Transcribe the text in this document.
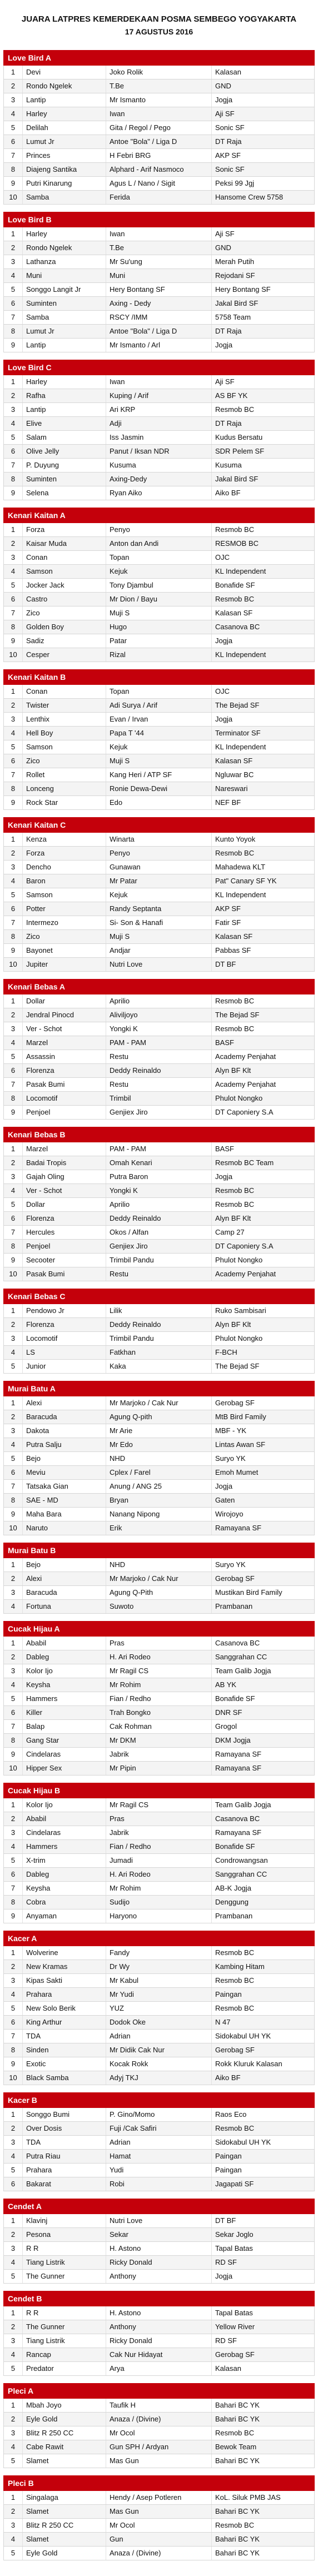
JUARA LATPRES KEMERDEKAAN POSMA SEMBEGO YOGYAKARTA
17 AGUSTUS 2016
Love Bird A
1	Devi	Joko Rolik	Kalasan
2	Rondo Ngelek	T.Be	GND
3	Lantip	Mr Ismanto	Jogja
4	Harley	Iwan	Aji SF
5	Delilah	Gita / Regol / Pego	Sonic SF
6	Lumut Jr	Antoe "Bola" / Liga D	DT Raja
7	Princes	H Febri BRG	AKP SF
8	Diajeng Santika	Alphard - Arif Nasmoco	Sonic SF
9	Putri Kinarung	Agus L / Nano / Sigit	Peksi 99 Jgj
10	Samba	Ferida	Hansome Crew 5758
Love Bird B
1	Harley	Iwan	Aji SF
2	Rondo Ngelek	T.Be	GND
3	Lathanza	Mr Su'ung	Merah Putih
4	Muni	Muni	Rejodani SF
5	Songgo Langit Jr	Hery Bontang SF	Hery Bontang SF
6	Suminten	Axing - Dedy	Jakal Bird SF
7	Samba	RSCY /IMM	5758 Team
8	Lumut Jr	Antoe "Bola" / Liga D	DT Raja
9	Lantip	Mr Ismanto / Arl	Jogja
Love Bird C
1	Harley	Iwan	Aji SF
2	Rafha	Kuping / Arif	AS BF YK
3	Lantip	Ari KRP	Resmob BC
4	Elive	Adji	DT Raja
5	Salam	Iss Jasmin	Kudus Bersatu
6	Olive Jelly	Panut / Iksan NDR	SDR Pelem SF
7	P. Duyung	Kusuma	Kusuma
8	Suminten	Axing-Dedy	Jakal Bird SF
9	Selena	Ryan Aiko	Aiko BF
Kenari Kaitan A
1	Forza	Penyo	Resmob BC
2	Kaisar Muda	Anton dan Andi	RESMOB BC
3	Conan	Topan	OJC
4	Samson	Kejuk	KL Independent
5	Jocker Jack	Tony Djambul	Bonafide SF
6	Castro	Mr Dion / Bayu	Resmob BC
7	Zico	Muji S	Kalasan SF
8	Golden Boy	Hugo	Casanova BC
9	Sadiz	Patar	Jogja
10	Cesper	Rizal	KL Independent
Kenari Kaitan B
1	Conan	Topan	OJC
2	Twister	Adi Surya / Arif	The Bejad SF
3	Lenthix	Evan / Irvan	Jogja
4	Hell Boy	Papa T '44	Terminator SF
5	Samson	Kejuk	KL Independent
6	Zico	Muji S	Kalasan SF
7	Rollet	Kang Heri / ATP SF	Ngluwar BC
8	Lonceng	Ronie Dewa-Dewi	Nareswari
9	Rock Star	Edo	NEF BF
Kenari Kaitan C
1	Kenza	Winarta	Kunto Yoyok
2	Forza	Penyo	Resmob BC
3	Dencho	Gunawan	Mahadewa KLT
4	Baron	Mr Patar	Pat" Canary SF YK
5	Samson	Kejuk	KL Independent
6	Potter	Randy Septanta	AKP SF
7	Intermezo	Si- Son & Hanafi	Fatir SF
8	Zico	Muji S	Kalasan SF
9	Bayonet	Andjar	Pabbas SF
10	Jupiter	Nutri Love	DT BF
Kenari Bebas A
1	Dollar	Aprilio	Resmob BC
2	Jendral Pinocd	Aliviljoyo	The Bejad SF
3	Ver - Schot	Yongki K	Resmob BC
4	Marzel	PAM - PAM	BASF
5	Assassin	Restu	Academy Penjahat
6	Florenza	Deddy Reinaldo	Alyn BF Klt
7	Pasak Bumi	Restu	Academy Penjahat
8	Locomotif	Trimbil	Phulot Nongko
9	Penjoel	Genjiex Jiro	DT Caponiery S.A
Kenari Bebas B
1	Marzel	PAM - PAM	BASF
2	Badai Tropis	Omah Kenari	Resmob BC Team
3	Gajah Oling	Putra Baron	Jogja
4	Ver - Schot	Yongki K	Resmob BC
5	Dollar	Aprilio	Resmob BC
6	Florenza	Deddy Reinaldo	Alyn BF Klt
7	Hercules	Okos / Alfan	Camp 27
8	Penjoel	Genjiex Jiro	DT Caponiery S.A
9	Secooter	Trimbil Pandu	Phulot Nongko
10	Pasak Bumi	Restu	Academy Penjahat
Kenari Bebas C
1	Pendowo Jr	Lilik	Ruko Sambisari
2	Florenza	Deddy Reinaldo	Alyn BF Klt
3	Locomotif	Trimbil Pandu	Phulot Nongko
4	LS	Fatkhan	F-BCH
5	Junior	Kaka	The Bejad SF
Murai Batu A
1	Alexi	Mr Marjoko / Cak Nur	Gerobag SF
2	Baracuda	Agung Q-pith	MtB Bird Family
3	Dakota	Mr Arie	MBF - YK
4	Putra Salju	Mr Edo	Lintas Awan SF
5	Bejo	NHD	Suryo YK
6	Meviu	Cplex / Farel	Emoh Mumet
7	Tatsaka Gian	Anung / ANG 25	Jogja
8	SAE - MD	Bryan	Gaten
9	Maha Bara	Nanang Nipong	Wirojoyo
10	Naruto	Erik	Ramayana SF
Murai Batu B
1	Bejo	NHD	Suryo YK
2	Alexi	Mr Marjoko / Cak Nur	Gerobag SF
3	Baracuda	Agung Q-Pith	Mustikan Bird Family
4	Fortuna	Suwoto	Prambanan
Cucak Hijau A
1	Ababil	Pras	Casanova BC
2	Dableg	H. Ari Rodeo	Sanggrahan CC
3	Kolor Ijo	Mr Ragil CS	Team Galib Jogja
4	Keysha	Mr Rohim	AB YK
5	Hammers	Fian / Redho	Bonafide SF
6	Killer	Trah Bongko	DNR SF
7	Balap	Cak Rohman	Grogol
8	Gang Star	Mr DKM	DKM Jogja
9	Cindelaras	Jabrik	Ramayana SF
10	Hipper Sex	Mr Pipin	Ramayana SF
Cucak Hijau B
1	Kolor Ijo	Mr Ragil CS	Team Galib Jogja
2	Ababil	Pras	Casanova BC
3	Cindelaras	Jabrik	Ramayana SF
4	Hammers	Fian / Redho	Bonafide SF
5	X-trim	Jumadi	Condrowangsan
6	Dableg	H. Ari Rodeo	Sanggrahan CC
7	Keysha	Mr Rohim	AB-K Jogja
8	Cobra	Sudijo	Denggung
9	Anyaman	Haryono	Prambanan
Kacer A
1	Wolverine	Fandy	Resmob BC
2	New Kramas	Dr Wy	Kambing Hitam
3	Kipas Sakti	Mr Kabul	Resmob BC
4	Prahara	Mr Yudi	Paingan
5	New Solo Berik	YUZ	Resmob BC
6	King Arthur	Dodok Oke	N 47
7	TDA	Adrian	Sidokabul UH YK
8	Sinden	Mr Didik Cak Nur	Gerobag SF
9	Exotic	Kocak Rokk	Rokk Kluruk Kalasan
10	Black Samba	Adyj TKJ	Aiko BF
Kacer B
1	Songgo Bumi	P. Gino/Momo	Raos Eco
2	Over Dosis	Fuji /Cak Safiri	Resmob BC
3	TDA	Adrian	Sidokabul UH YK
4	Putra Riau	Hamat	Paingan
5	Prahara	Yudi	Paingan
6	Bakarat	Robi	Jagapati SF
Cendet A
1	Klavinj	Nutri Love	DT BF
2	Pesona	Sekar	Sekar Joglo
3	R R	H. Astono	Tapal Batas
4	Tiang Listrik	Ricky Donald	RD SF
5	The Gunner	Anthony	Jogja
Cendet B
1	R R	H. Astono	Tapal Batas
2	The Gunner	Anthony	Yellow River
3	Tiang Listrik	Ricky Donald	RD SF
4	Rancap	Cak Nur Hidayat	Gerobag SF
5	Predator	Arya	Kalasan
Pleci A
1	Mbah Joyo	Taufik H	Bahari BC YK
2	Eyle Gold	Anaza / (Divine)	Bahari BC YK
3	Blitz R 250 CC	Mr Ocol	Resmob BC
4	Cabe Rawit	Gun SPH / Ardyan	Bewok Team
5	Slamet	Mas Gun	Bahari BC YK
Pleci B
1	Singalaga	Hendy / Asep Potleren	KoL. Siluk PMB JAS
2	Slamet	Mas Gun	Bahari BC YK
3	Blitz R 250 CC	Mr Ocol	Resmob BC
4	Slamet	Gun	Bahari BC YK
5	Eyle Gold	Anaza / (Divine)	Bahari BC YK
